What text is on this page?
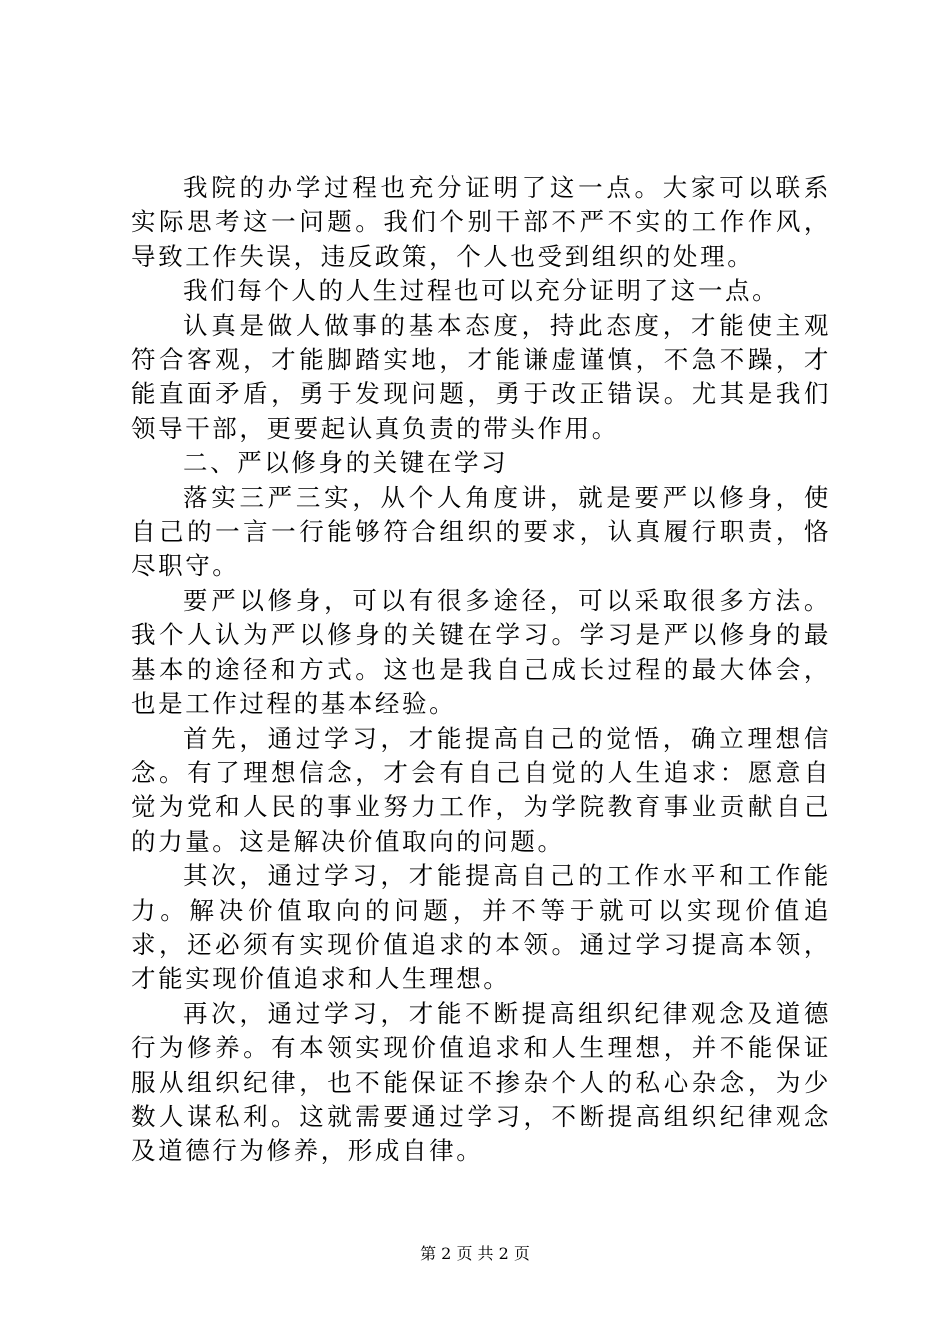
我院的办学过程也充分证明了这一点。大家可以联系实际思考这一问题。我们个别干部不严不实的工作作风，导致工作失误，违反政策，个人也受到组织的处理。

我们每个人的人生过程也可以充分证明了这一点。

认真是做人做事的基本态度，持此态度，才能使主观符合客观，才能脚踏实地，才能谦虚谨慎，不急不躁，才能直面矛盾，勇于发现问题，勇于改正错误。尤其是我们领导干部，更要起认真负责的带头作用。

二、严以修身的关键在学习

落实三严三实，从个人角度讲，就是要严以修身，使自己的一言一行能够符合组织的要求，认真履行职责，恪尽职守。

要严以修身，可以有很多途径，可以采取很多方法。我个人认为严以修身的关键在学习。学习是严以修身的最基本的途径和方式。这也是我自己成长过程的最大体会，也是工作过程的基本经验。

首先，通过学习，才能提高自己的觉悟，确立理想信念。有了理想信念，才会有自己自觉的人生追求：愿意自觉为党和人民的事业努力工作，为学院教育事业贡献自己的力量。这是解决价值取向的问题。

其次，通过学习，才能提高自己的工作水平和工作能力。解决价值取向的问题，并不等于就可以实现价值追求，还必须有实现价值追求的本领。通过学习提高本领，才能实现价值追求和人生理想。

再次，通过学习，才能不断提高组织纪律观念及道德行为修养。有本领实现价值追求和人生理想，并不能保证服从组织纪律，也不能保证不掺杂个人的私心杂念，为少数人谋私利。这就需要通过学习，不断提高组织纪律观念及道德行为修养，形成自律。

第 2 页 共 2 页
